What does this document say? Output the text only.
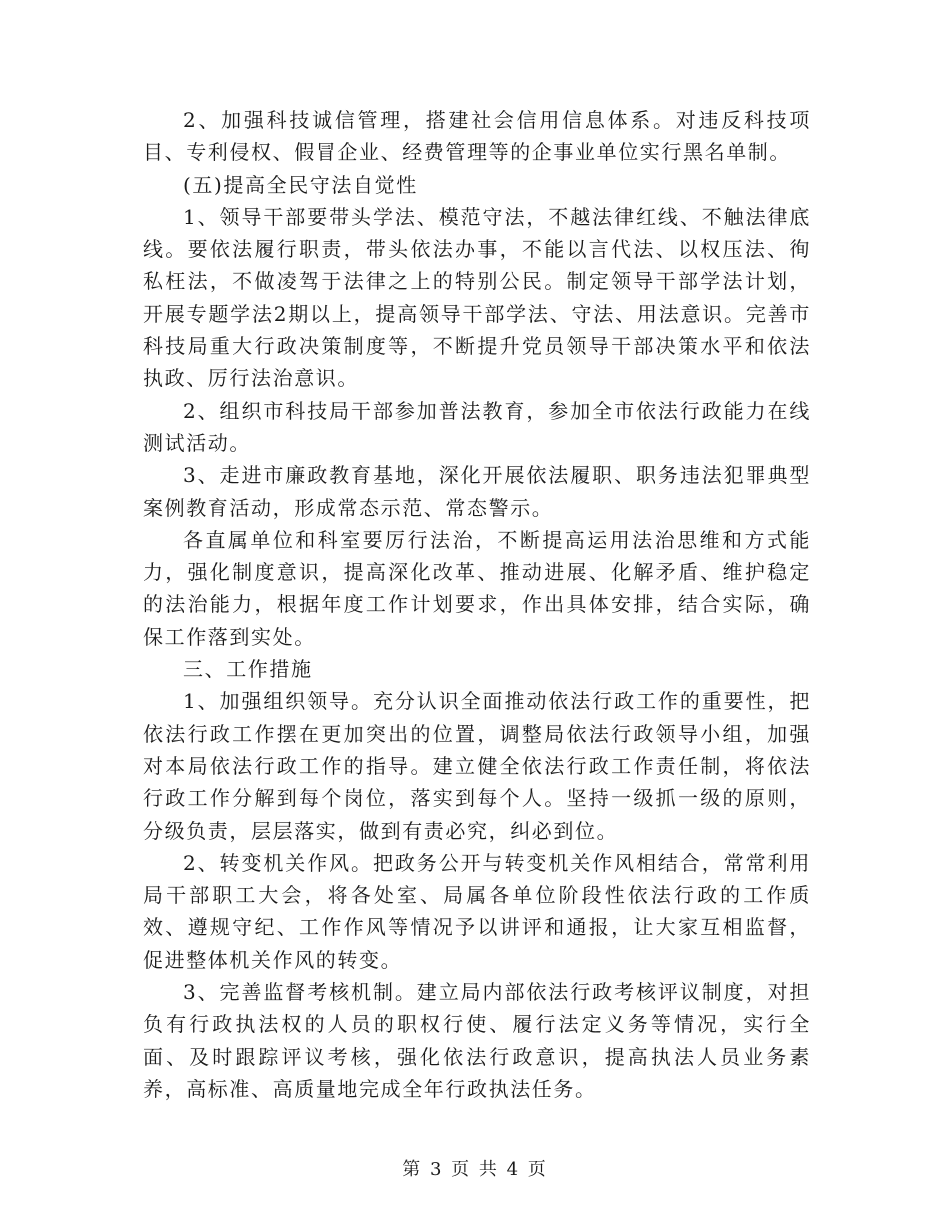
2、加强科技诚信管理，搭建社会信用信息体系。对违反科技项目、专利侵权、假冒企业、经费管理等的企事业单位实行黑名单制。

(五)提高全民守法自觉性

1、领导干部要带头学法、模范守法，不越法律红线、不触法律底线。要依法履行职责，带头依法办事，不能以言代法、以权压法、徇私枉法，不做凌驾于法律之上的特别公民。制定领导干部学法计划，开展专题学法2期以上，提高领导干部学法、守法、用法意识。完善市科技局重大行政决策制度等，不断提升党员领导干部决策水平和依法执政、厉行法治意识。

2、组织市科技局干部参加普法教育，参加全市依法行政能力在线测试活动。

3、走进市廉政教育基地，深化开展依法履职、职务违法犯罪典型案例教育活动，形成常态示范、常态警示。

各直属单位和科室要厉行法治，不断提高运用法治思维和方式能力，强化制度意识，提高深化改革、推动进展、化解矛盾、维护稳定的法治能力，根据年度工作计划要求，作出具体安排，结合实际，确保工作落到实处。

三、工作措施

1、加强组织领导。充分认识全面推动依法行政工作的重要性，把依法行政工作摆在更加突出的位置，调整局依法行政领导小组，加强对本局依法行政工作的指导。建立健全依法行政工作责任制，将依法行政工作分解到每个岗位，落实到每个人。坚持一级抓一级的原则，分级负责，层层落实，做到有责必究，纠必到位。

2、转变机关作风。把政务公开与转变机关作风相结合，常常利用局干部职工大会，将各处室、局属各单位阶段性依法行政的工作质效、遵规守纪、工作作风等情况予以讲评和通报，让大家互相监督，促进整体机关作风的转变。

3、完善监督考核机制。建立局内部依法行政考核评议制度，对担负有行政执法权的人员的职权行使、履行法定义务等情况，实行全面、及时跟踪评议考核，强化依法行政意识，提高执法人员业务素养，高标准、高质量地完成全年行政执法任务。

第 3 页 共 4 页
